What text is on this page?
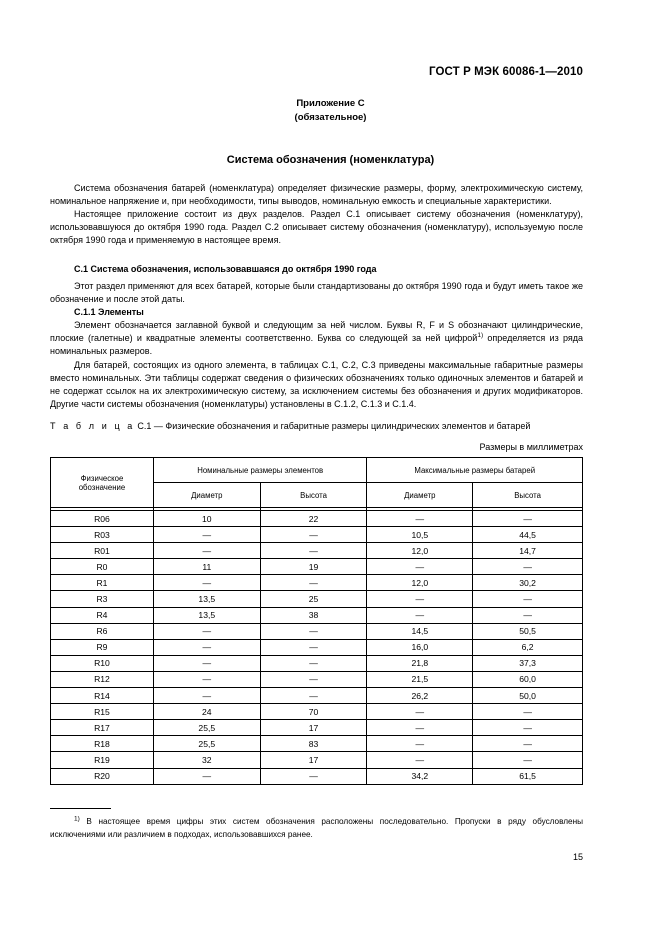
ГОСТ Р МЭК 60086-1—2010
Приложение С
(обязательное)
Система обозначения (номенклатура)

Система обозначения батарей (номенклатура) определяет физические размеры, форму, электрохимическую систему, номинальное напряжение и, при необходимости, типы выводов, номинальную емкость и специальные характеристики.

Настоящее приложение состоит из двух разделов. Раздел С.1 описывает систему обозначения (номенклатуру), использовавшуюся до октября 1990 года. Раздел С.2 описывает систему обозначения (номенклатуру), используемую после октября 1990 года и применяемую в настоящее время.

С.1 Система обозначения, использовавшаяся до октября 1990 года

Этот раздел применяют для всех батарей, которые были стандартизованы до октября 1990 года и будут иметь такое же обозначение и после этой даты.

С.1.1 Элементы

Элемент обозначается заглавной буквой и следующим за ней числом. Буквы R, F и S обозначают цилиндрические, плоские (галетные) и квадратные элементы соответственно. Буква со следующей за ней цифрой$^{1)}$ определяется из ряда номинальных размеров.

Для батарей, состоящих из одного элемента, в таблицах С.1, С.2, С.3 приведены максимальные габаритные размеры вместо номинальных. Эти таблицы содержат сведения о физических обозначениях только одиночных элементов и батарей и не содержат ссылок на их электрохимическую систему, за исключением системы без обозначения и других модификаторов. Другие части системы обозначения (номенклатуры) установлены в С.1.2, С.1.3 и С.1.4.

Т а б л и ц а С.1 — Физические обозначения и габаритные размеры цилиндрических элементов и батарей
Размеры в миллиметрах
Физическое обозначение	Номинальные размеры элементов		Максимальные размеры батарей	
	Диаметр	Высота	Диаметр	Высота

R06	10	22	—	—
R03	—	—	10,5	44,5
R01	—	—	12,0	14,7
R0	11	19	—	—
R1	—	—	12,0	30,2
R3	13,5	25	—	—
R4	13,5	38	—	—
R6	—	—	14,5	50,5
R9	—	—	16,0	6,2
R10	—	—	21,8	37,3
R12	—	—	21,5	60,0
R14	—	—	26,2	50,0
R15	24	70	—	—
R17	25,5	17	—	—
R18	25,5	83	—	—
R19	32	17	—	—
R20	—	—	34,2	61,5
$^{1)}$ В настоящее время цифры этих систем обозначения расположены последовательно. Пропуски в ряду обусловлены исключениями или различием в подходах, использовавшихся ранее.
15
